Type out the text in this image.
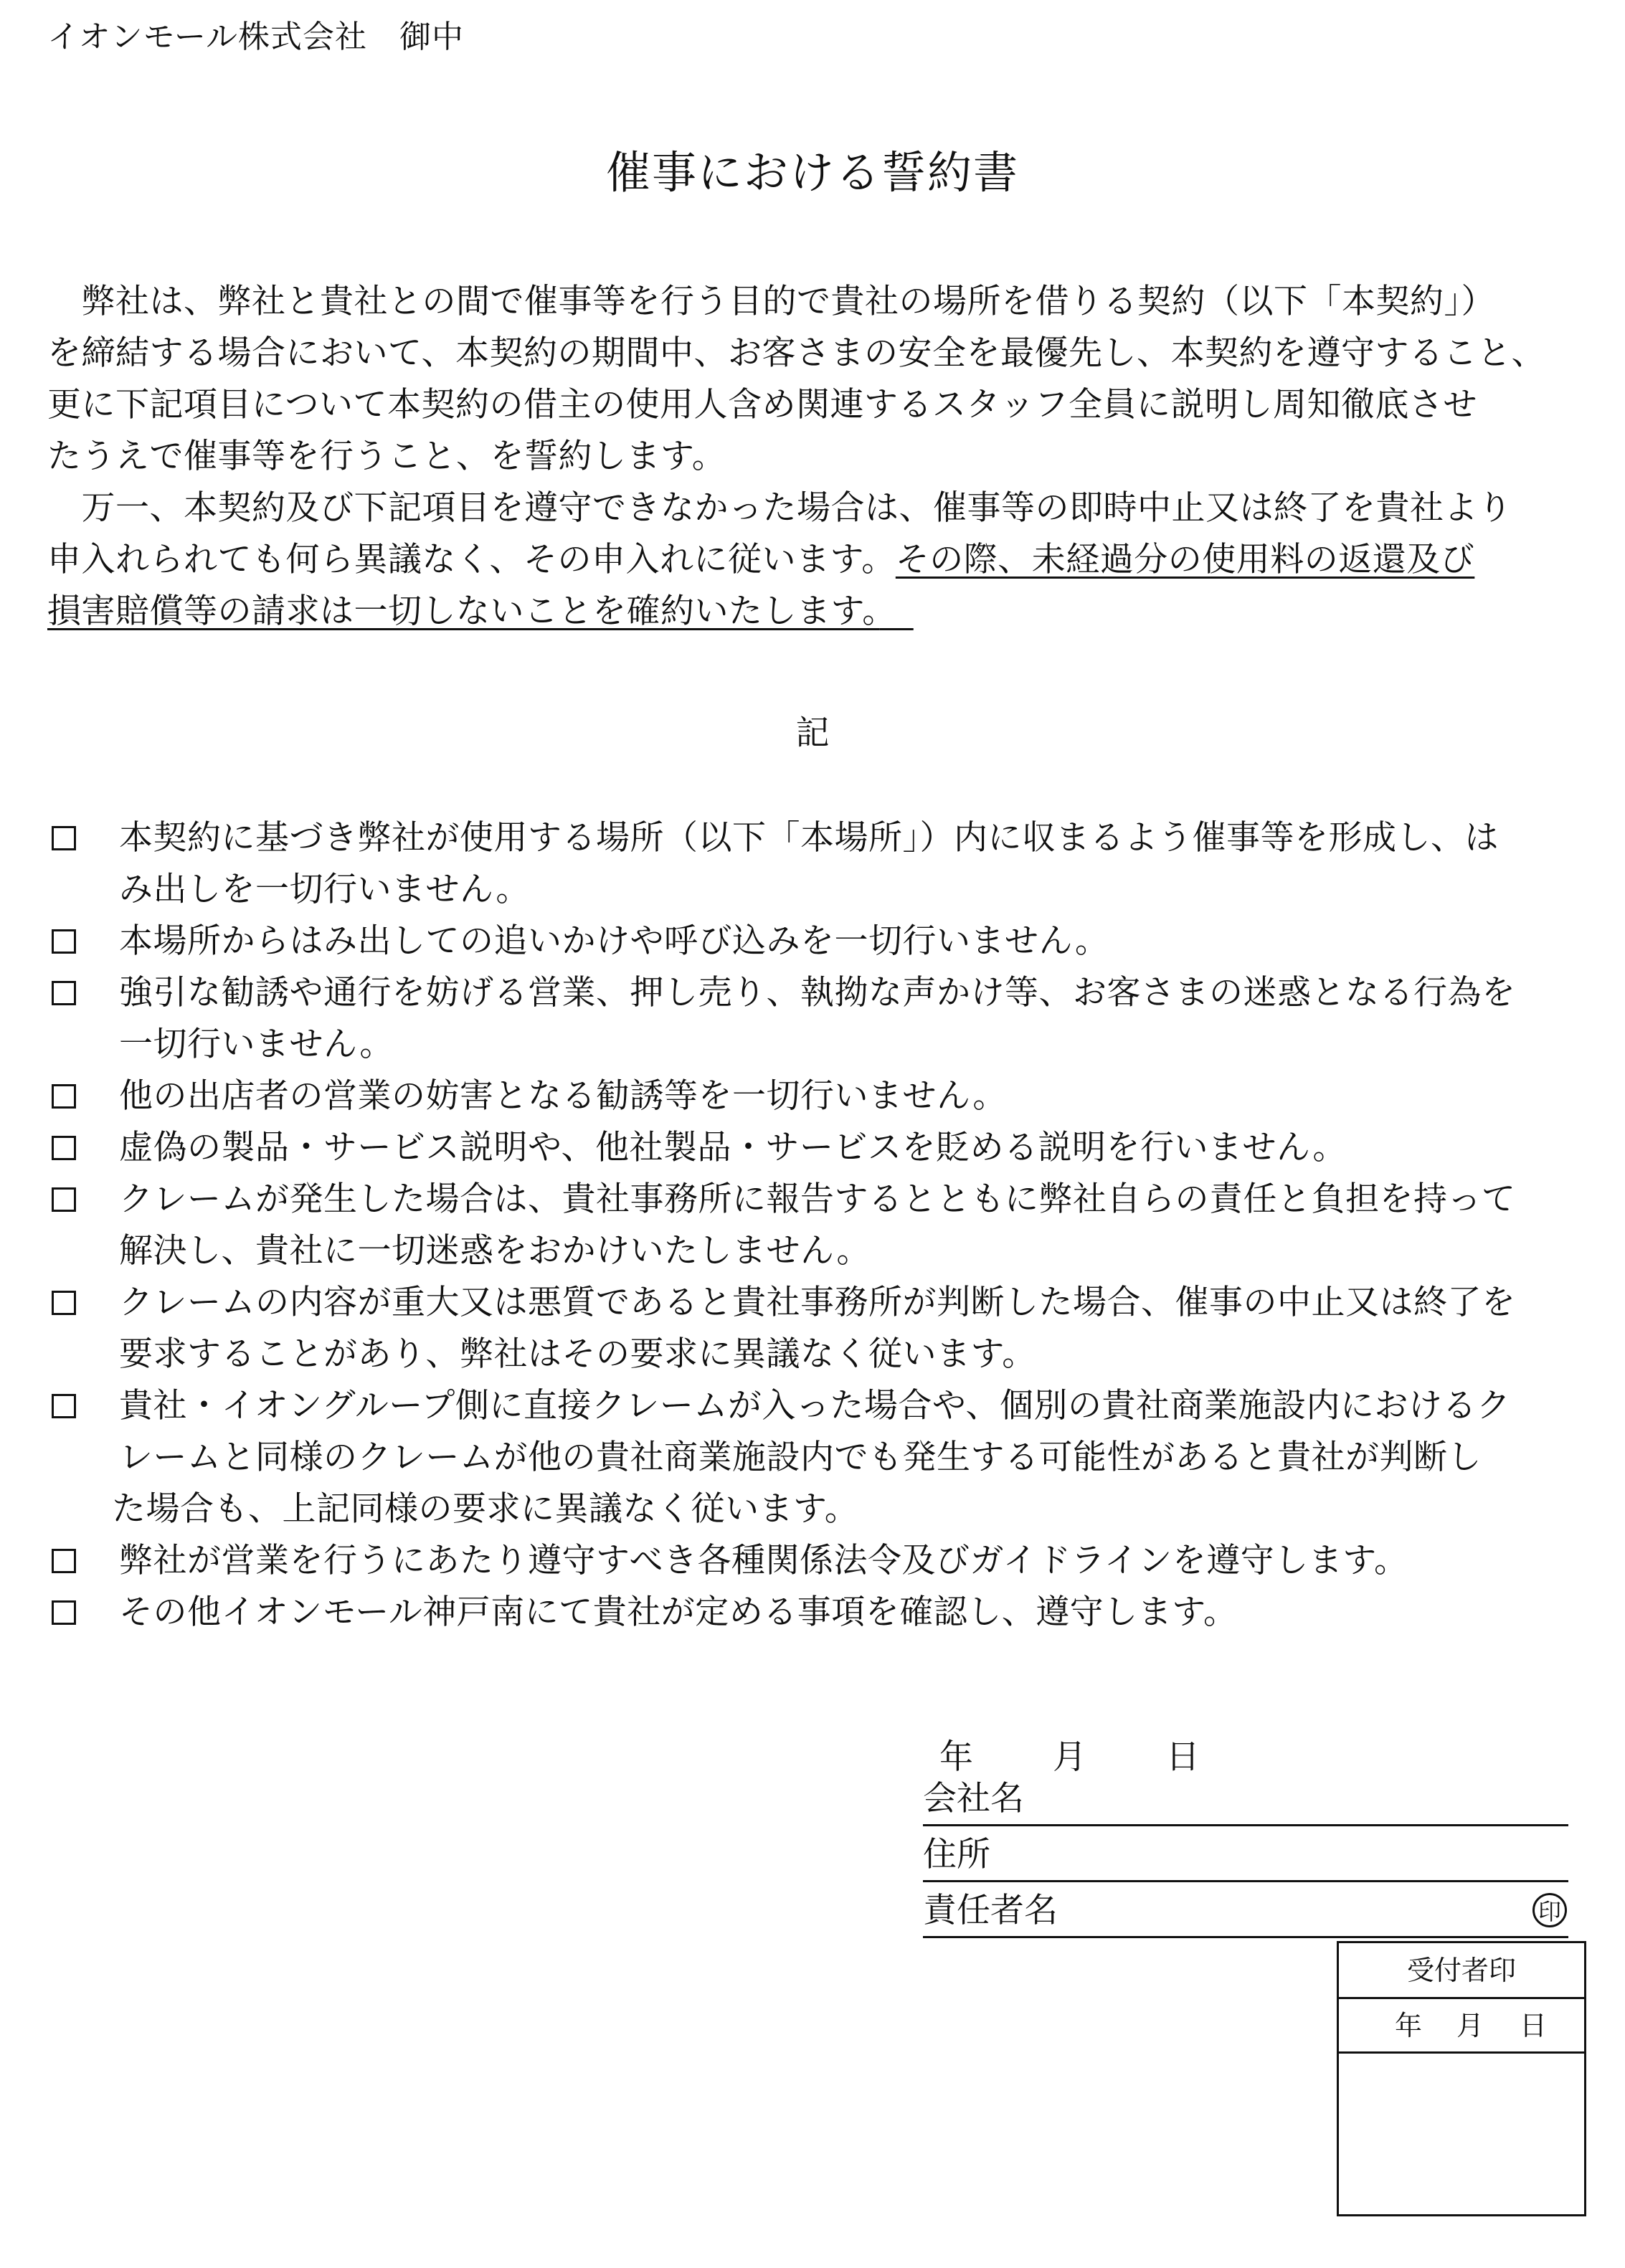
イオンモール株式会社　御中
催事における誓約書
　弊社は、弊社と貴社との間で催事等を行う目的で貴社の場所を借りる契約（以下「本契約」）
を締結する場合において、本契約の期間中、お客さまの安全を最優先し、本契約を遵守すること、
更に下記項目について本契約の借主の使用人含め関連するスタッフ全員に説明し周知徹底させ
たうえで催事等を行うこと、を誓約します。
　万一、本契約及び下記項目を遵守できなかった場合は、催事等の即時中止又は終了を貴社より
申入れられても何ら異議なく、その申入れに従います。その際、未経過分の使用料の返還及び
損害賠償等の請求は一切しないことを確約いたします。　
記
本契約に基づき弊社が使用する場所（以下「本場所」）内に収まるよう催事等を形成し、は
み出しを一切行いません。
本場所からはみ出しての追いかけや呼び込みを一切行いません。
強引な勧誘や通行を妨げる営業、押し売り、執拗な声かけ等、お客さまの迷惑となる行為を
一切行いません。
他の出店者の営業の妨害となる勧誘等を一切行いません。
虚偽の製品・サービス説明や、他社製品・サービスを貶める説明を行いません。
クレームが発生した場合は、貴社事務所に報告するとともに弊社自らの責任と負担を持って
解決し、貴社に一切迷惑をおかけいたしません。
クレームの内容が重大又は悪質であると貴社事務所が判断した場合、催事の中止又は終了を
要求することがあり、弊社はその要求に異議なく従います。
貴社・イオングループ側に直接クレームが入った場合や、個別の貴社商業施設内におけるク
レームと同様のクレームが他の貴社商業施設内でも発生する可能性があると貴社が判断し
た場合も、上記同様の要求に異議なく従います。
弊社が営業を行うにあたり遵守すべき各種関係法令及びガイドラインを遵守します。
その他イオンモール神戸南にて貴社が定める事項を確認し、遵守します。
年 月 日
会社名
住所
責任者名	印
受付者印
年 月 日
